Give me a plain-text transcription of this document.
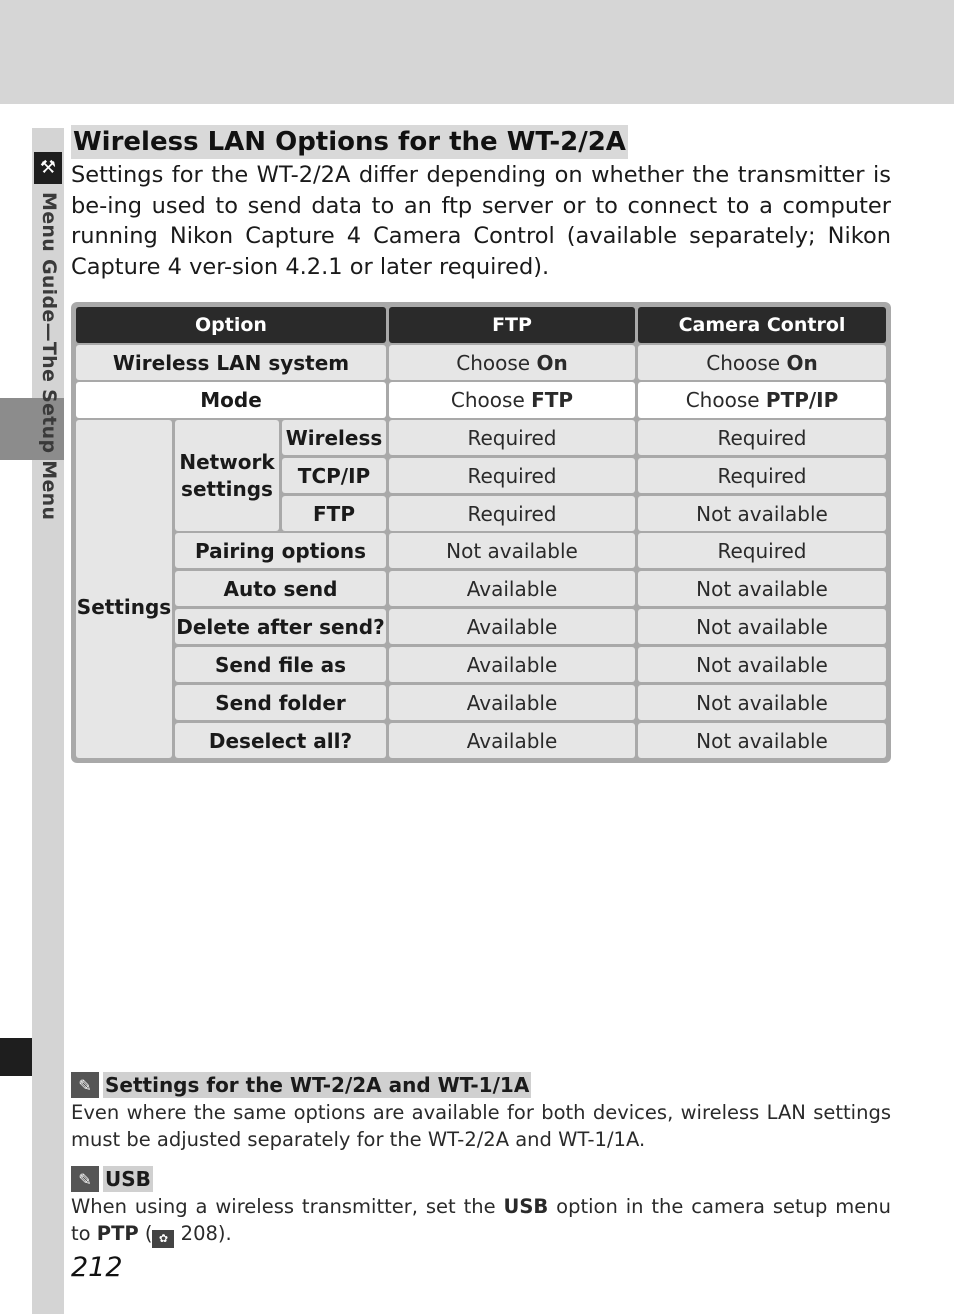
⚒
Menu Guide—The Setup Menu
Wireless LAN Options for the WT-2/2A
Settings for the WT-2/2A differ depending on whether the transmitter is be-ing used to send data to an ftp server or to connect to a computer running Nikon Capture 4 Camera Control (available separately; Nikon Capture 4 ver-sion 4.2.1 or later required).
Option	FTP	Camera Control
Wireless LAN system	Choose On	Choose On
Mode	Choose FTP	Choose PTP/IP
Settings
Network settings
Wireless	Required	Required
TCP/IP	Required	Required
FTP	Required	Not available
Pairing options	Not available	Required
Auto send	Available	Not available
Delete after send?	Available	Not available
Send file as	Available	Not available
Send folder	Available	Not available
Deselect all?	Available	Not available
✎ Settings for the WT-2/2A and WT-1/1A
Even where the same options are available for both devices, wireless LAN settings must be adjusted separately for the WT-2/2A and WT-1/1A.
✎ USB
When using a wireless transmitter, set the USB option in the camera setup menu to PTP ( ✿ 208).
212
